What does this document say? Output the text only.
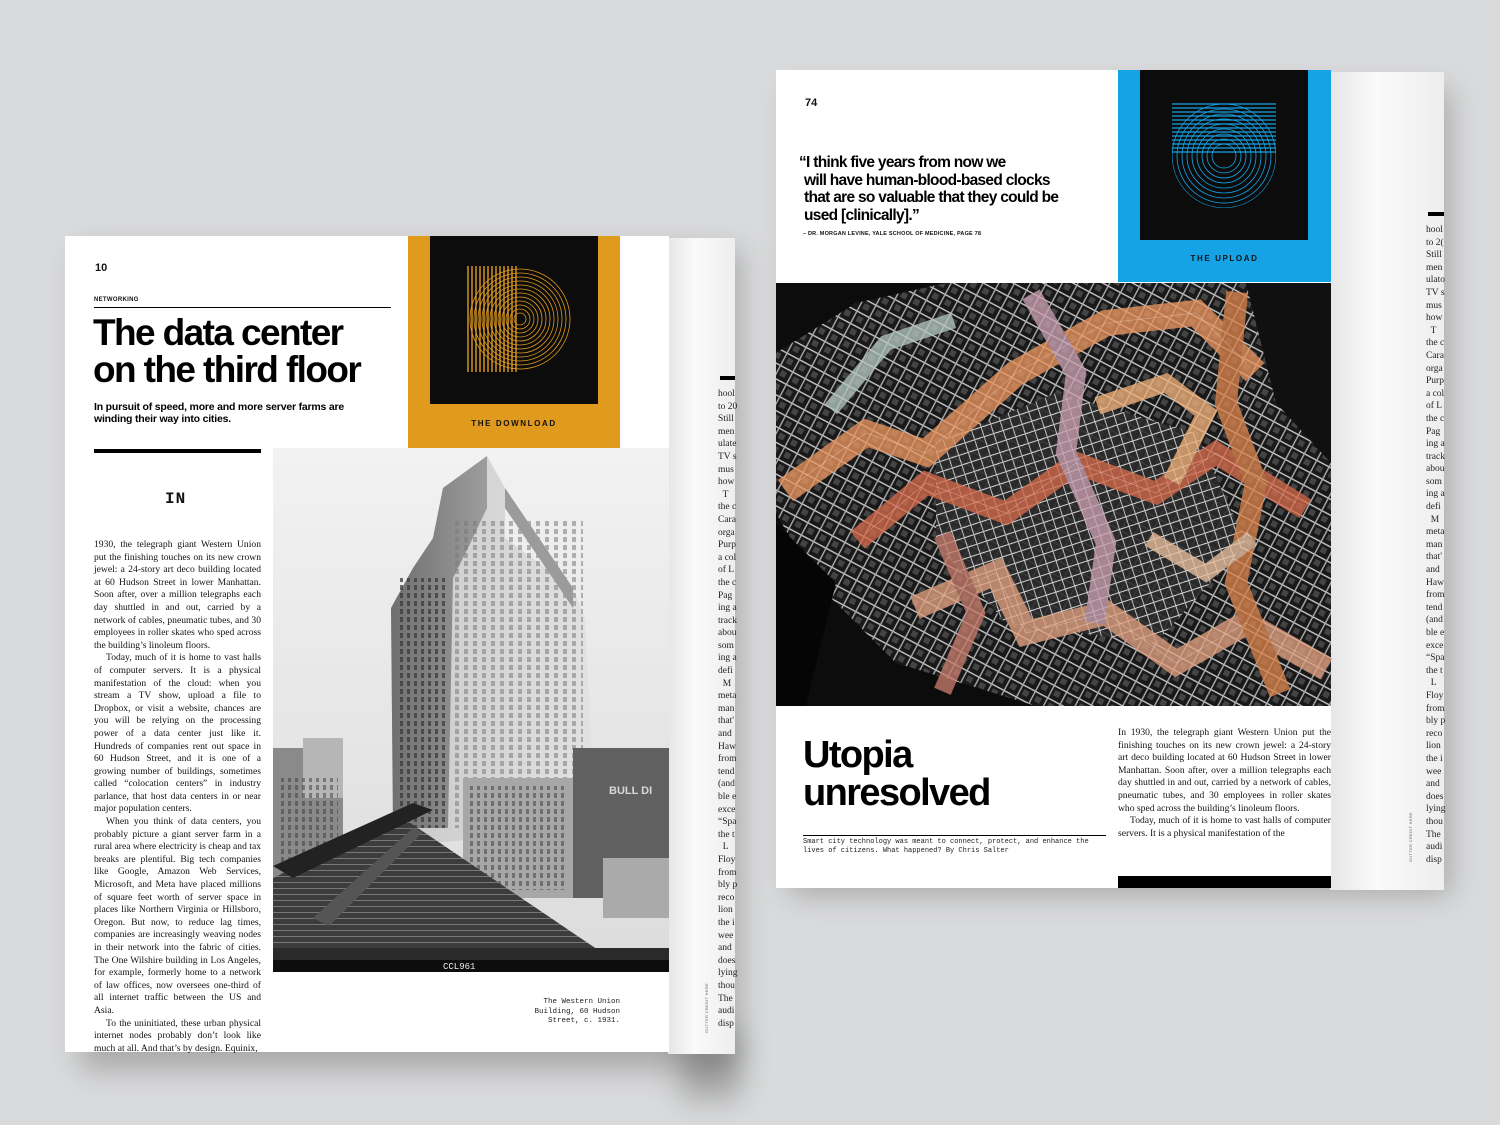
hool
to 20
Still
men
ulate
TV s
mus
how
T
the c
Cara
orga
Purp
a col
of L
the c
Pag
ing a
track
abou
som
ing a
defi
M
meta
man
that'
and
Haw
from
tend
(and
ble e
exce
“Spa
the t
L
Floy
from
bly p
reco
lion
the i
wee
and
does
lying
thou
The
audi
disp
GUTTER CREDIT HERE
10
NETWORKING
The data center
on the third floor
In pursuit of speed, more and more server farms are winding their way into cities.	THE DOWNLOAD
IN

1930, the telegraph giant Western Union put the finishing touches on its new crown jewel: a 24-story art deco building located at 60 Hudson Street in lower Manhattan. Soon after, over a million telegraphs each day shuttled in and out, carried by a network of cables, pneumatic tubes, and 30 employees in roller skates who sped across the building’s linoleum floors.

Today, much of it is home to vast halls of computer servers. It is a physical manifestation of the cloud: when you stream a TV show, upload a file to Dropbox, or visit a website, chances are you will be relying on the processing power of a data center just like it. Hundreds of companies rent out space in 60 Hudson Street, and it is one of a growing number of buildings, sometimes called “colocation centers” in industry parlance, that host data centers in or near major population centers.

When you think of data centers, you probably picture a giant server farm in a rural area where electricity is cheap and tax breaks are plentiful. Big tech companies like Google, Amazon Web Services, Microsoft, and Meta have placed millions of square feet worth of server space in places like Northern Virginia or Hillsboro, Oregon. But now, to reduce lag times, companies are increasingly weaving nodes in their network into the fabric of cities. The One Wilshire building in Los Angeles, for example, formerly home to a network of law offices, now oversees one-third of all internet traffic between the US and Asia.

To the uninitiated, these urban physical internet nodes probably don’t look like much at all. And that’s by design. Equinix,

BULL DI
CCL961
The Western Union Building, 60 Hudson Street, c. 1931.
hool
to 2(
Still
men
ulato
TV s
mus
how
T
the c
Cara
orga
Purp
a col
of L
the c
Pag
ing a
track
abou
som
ing a
defi
M
meta
man
that'
and
Haw
from
tend
(and
ble e
exce
“Spa
the t
L
Floy
from
bly p
reco
lion
the i
wee
and
does
lying
thou
The
audi
disp
GUTTER CREDIT HERE
74
“I think five years from now we
will have human-blood-based clocks
that are so valuable that they could be
used [clinically].”
– DR. MORGAN LEVINE, YALE SCHOOL OF MEDICINE, PAGE 78
THE UPLOAD
Utopia
unresolved
Smart city technology was meant to connect, protect, and enhance the lives of citizens. What happened? By Chris Salter

In 1930, the telegraph giant Western Union put the finishing touches on its new crown jewel: a 24-story art deco building located at 60 Hudson Street in lower Manhattan. Soon after, over a million telegraphs each day shuttled in and out, carried by a network of cables, pneumatic tubes, and 30 employees in roller skates who sped across the building’s linoleum floors.

Today, much of it is home to vast halls of computer servers. It is a physical manifestation of the
